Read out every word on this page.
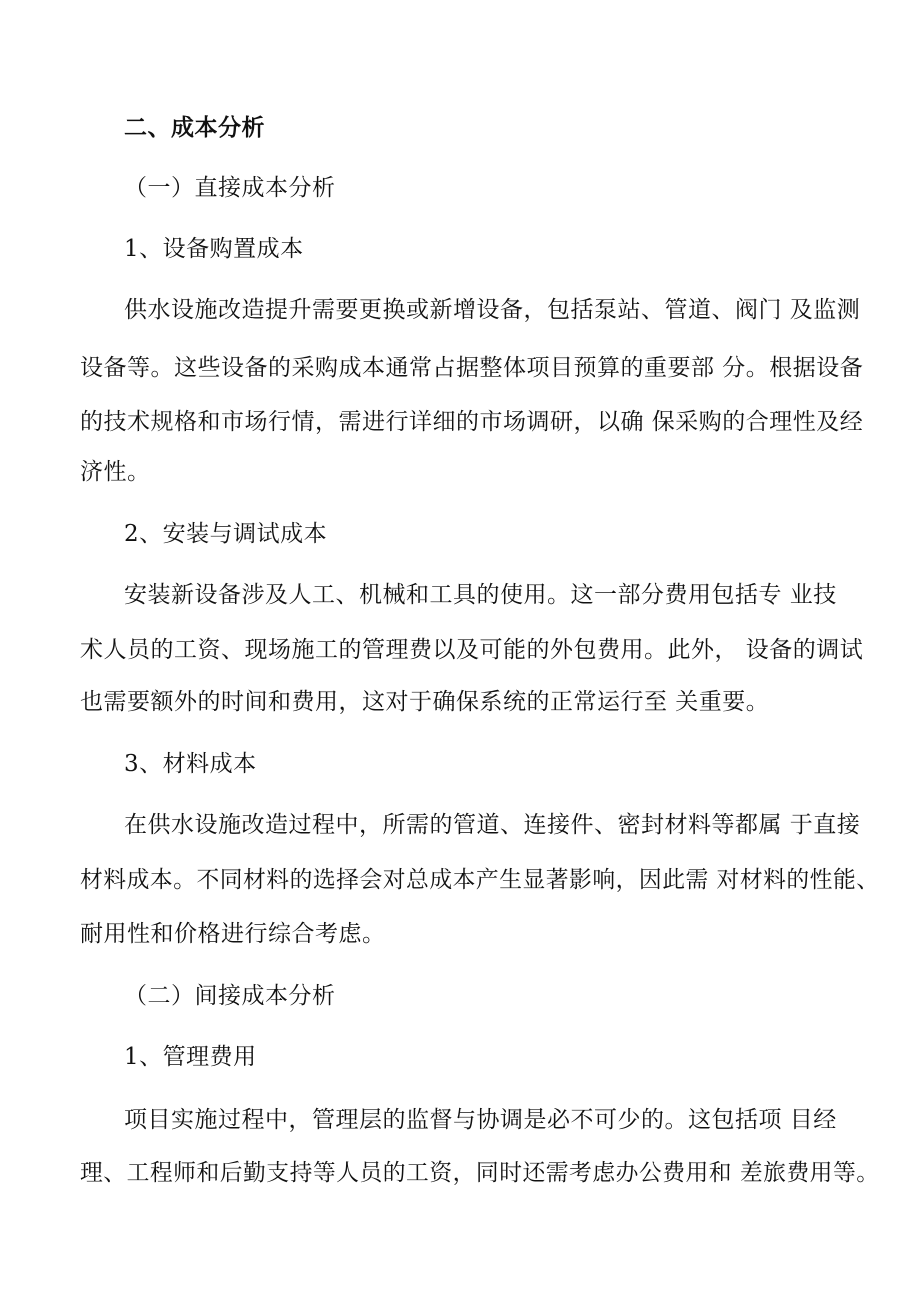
二、成本分析
（一）直接成本分析
1、设备购置成本
供水设施改造提升需要更换或新增设备，包括泵站、管道、阀门 及监测
设备等。这些设备的采购成本通常占据整体项目预算的重要部 分。根据设备
的技术规格和市场行情，需进行详细的市场调研，以确 保采购的合理性及经
济性。
2、安装与调试成本
安装新设备涉及人工、机械和工具的使用。这一部分费用包括专 业技
术人员的工资、现场施工的管理费以及可能的外包费用。此外， 设备的调试
也需要额外的时间和费用，这对于确保系统的正常运行至 关重要。
3、材料成本
在供水设施改造过程中，所需的管道、连接件、密封材料等都属 于直接
材料成本。不同材料的选择会对总成本产生显著影响，因此需 对材料的性能、
耐用性和价格进行综合考虑。
（二）间接成本分析
1、管理费用
项目实施过程中，管理层的监督与协调是必不可少的。这包括项 目经
理、工程师和后勤支持等人员的工资，同时还需考虑办公费用和 差旅费用等。
